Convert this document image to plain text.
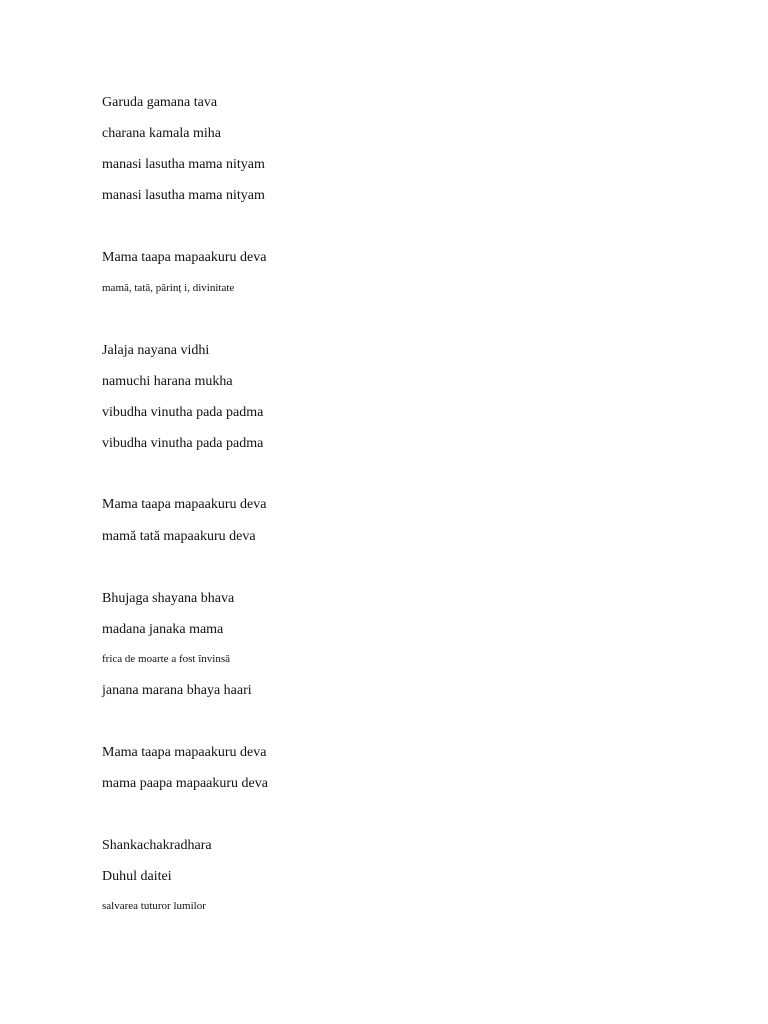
Garuda gamana tava
charana kamala miha
manasi lasutha mama nityam
manasi lasutha mama nityam
Mama taapa mapaakuru deva
mamă, tată, părinț i, divinitate
Jalaja nayana vidhi
namuchi harana mukha
vibudha vinutha pada padma
vibudha vinutha pada padma
Mama taapa mapaakuru deva
mamă tată mapaakuru deva
Bhujaga shayana bhava
madana janaka mama
frica de moarte a fost învinsă
janana marana bhaya haari
Mama taapa mapaakuru deva
mama paapa mapaakuru deva
Shankachakradhara
Duhul daitei
salvarea tuturor lumilor
